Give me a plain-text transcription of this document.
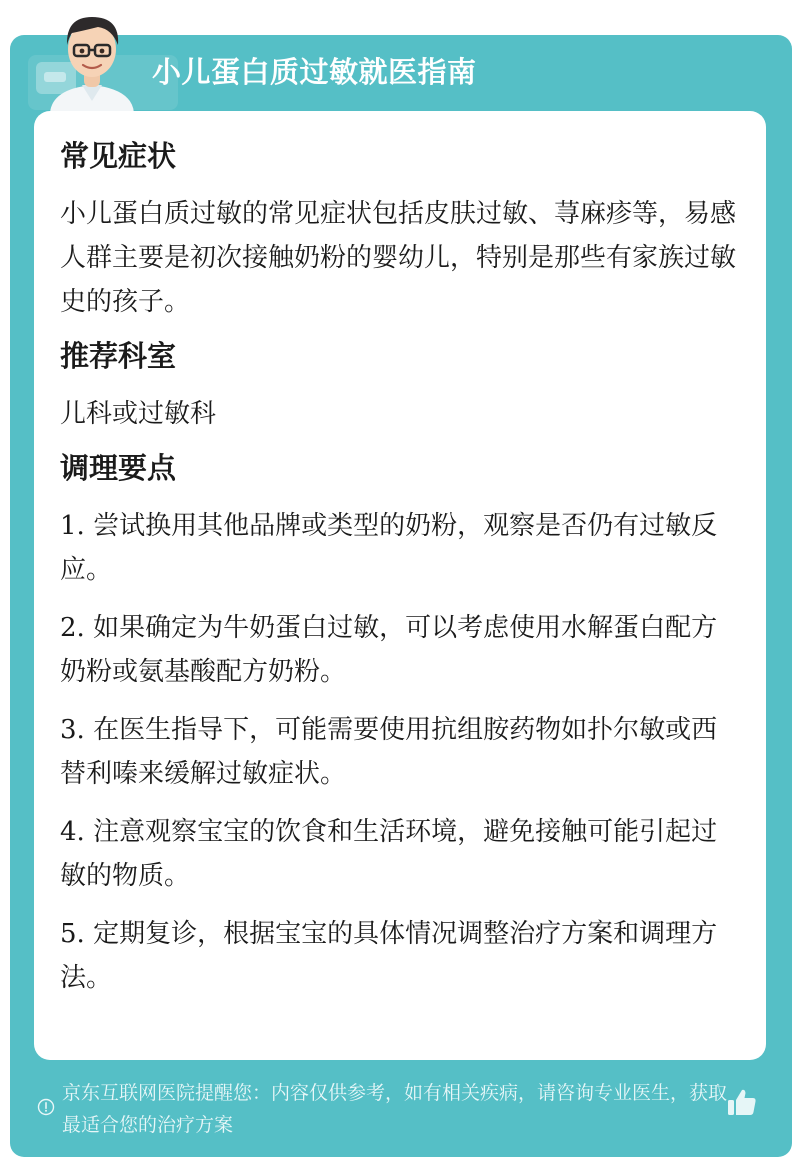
小儿蛋白质过敏就医指南
常见症状

小儿蛋白质过敏的常见症状包括皮肤过敏、荨麻疹等，易感人群主要是初次接触奶粉的婴幼儿，特别是那些有家族过敏史的孩子。

推荐科室

儿科或过敏科

调理要点

1. 尝试换用其他品牌或类型的奶粉，观察是否仍有过敏反应。

2. 如果确定为牛奶蛋白过敏，可以考虑使用水解蛋白配方奶粉或氨基酸配方奶粉。

3. 在医生指导下，可能需要使用抗组胺药物如扑尔敏或西替利嗪来缓解过敏症状。

4. 注意观察宝宝的饮食和生活环境，避免接触可能引起过敏的物质。

5. 定期复诊，根据宝宝的具体情况调整治疗方案和调理方法。

京东互联网医院提醒您：内容仅供参考，如有相关疾病，请咨询专业医生，获取最适合您的治疗方案
